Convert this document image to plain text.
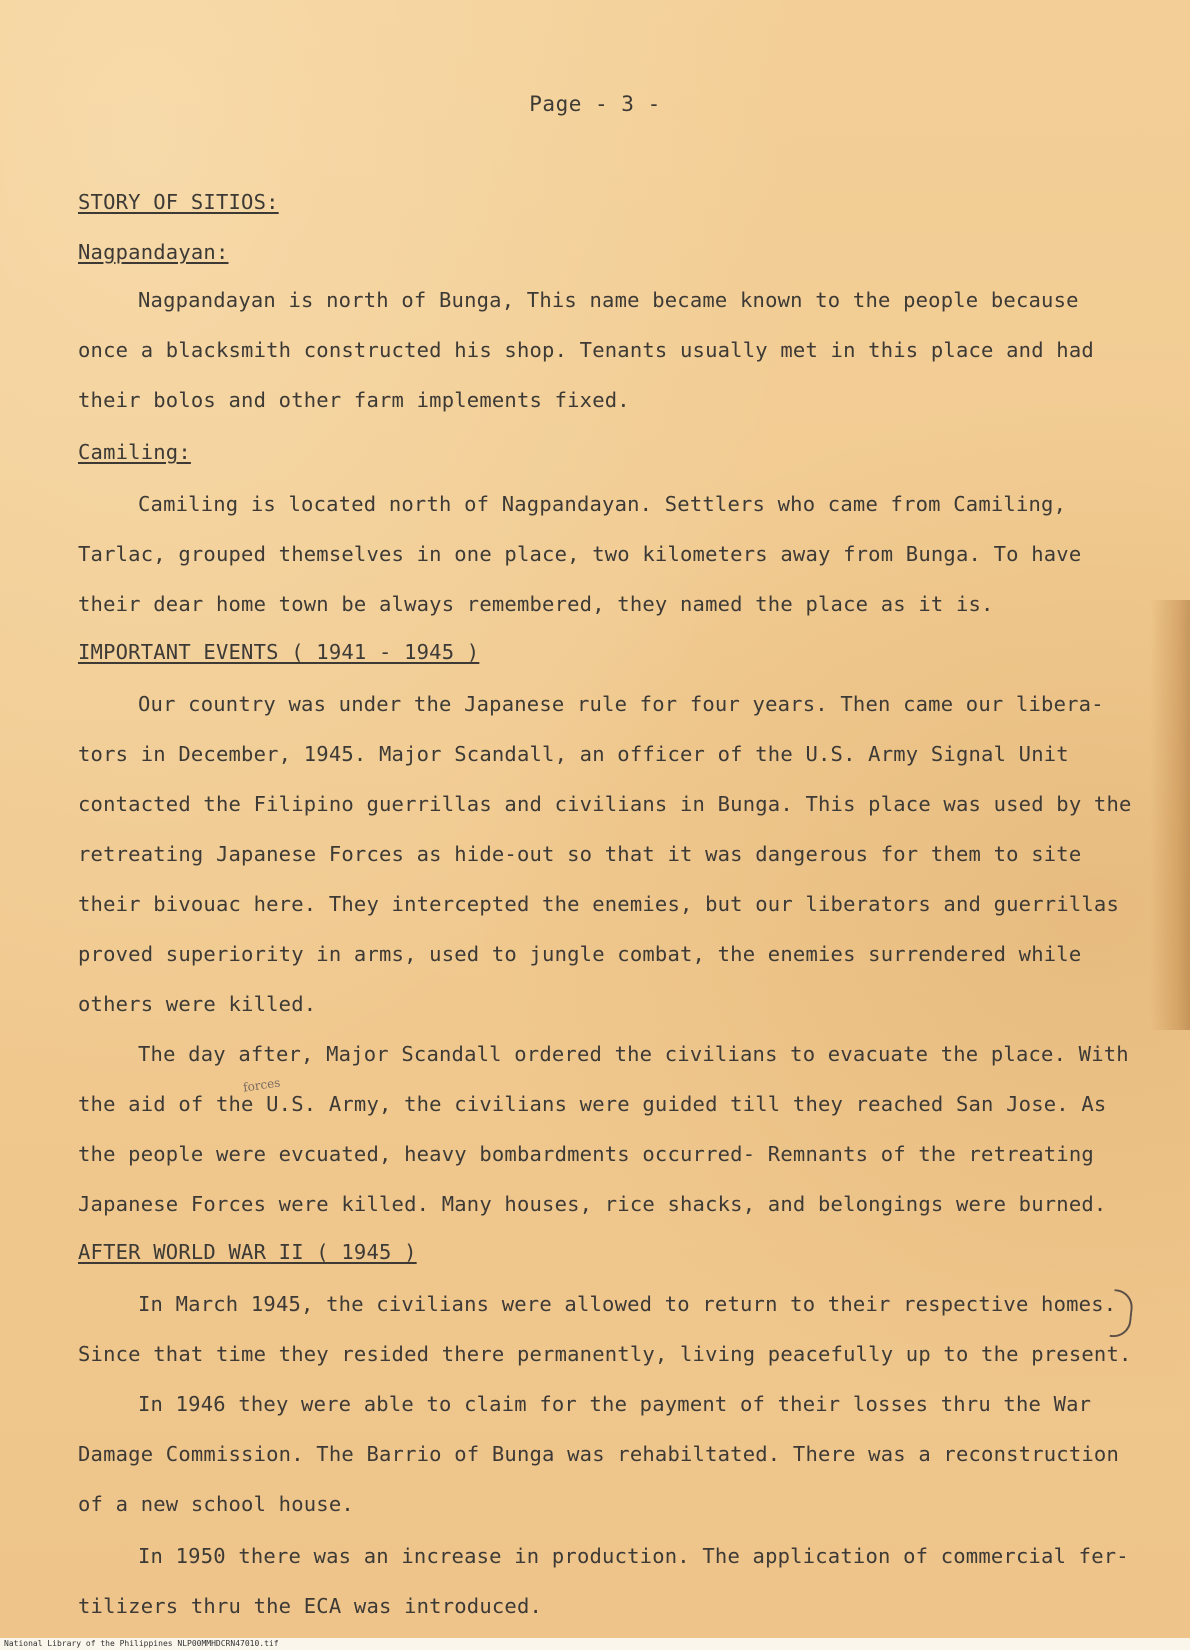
Page - 3 -
STORY OF SITIOS:
Nagpandayan:
Nagpandayan is north of Bunga, This name became known to the people because
once a blacksmith constructed his shop. Tenants usually met in this place and had
their bolos and other farm implements fixed.
Camiling:
Camiling is located north of Nagpandayan. Settlers who came from Camiling,
Tarlac, grouped themselves in one place, two kilometers away from Bunga. To have
their dear home town be always remembered, they named the place as it is.
IMPORTANT EVENTS ( 1941 - 1945 )
Our country was under the Japanese rule for four years. Then came our libera-
tors in December, 1945. Major Scandall, an officer of the U.S. Army Signal Unit
contacted the Filipino guerrillas and civilians in Bunga. This place was used by the
retreating Japanese Forces as hide-out so that it was dangerous for them to site
their bivouac here. They intercepted the enemies, but our liberators and guerrillas
proved superiority in arms, used to jungle combat, the enemies surrendered while
others were killed.
The day after, Major Scandall ordered the civilians to evacuate the place. With
the aid of the U.S. Army, the civilians were guided till they reached San Jose. As
the people were evcuated, heavy bombardments occurred- Remnants of the retreating
Japanese Forces were killed. Many houses, rice shacks, and belongings were burned.
AFTER WORLD WAR II ( 1945 )
In March 1945, the civilians were allowed to return to their respective homes.
Since that time they resided there permanently, living peacefully up to the present.
In 1946 they were able to claim for the payment of their losses thru the War
Damage Commission. The Barrio of Bunga was rehabiltated. There was a reconstruction
of a new school house.
In 1950 there was an increase in production. The application of commercial fer-
tilizers thru the ECA was introduced.
forces
National Library of the Philippines NLP00MMHDCRN47010.tif
